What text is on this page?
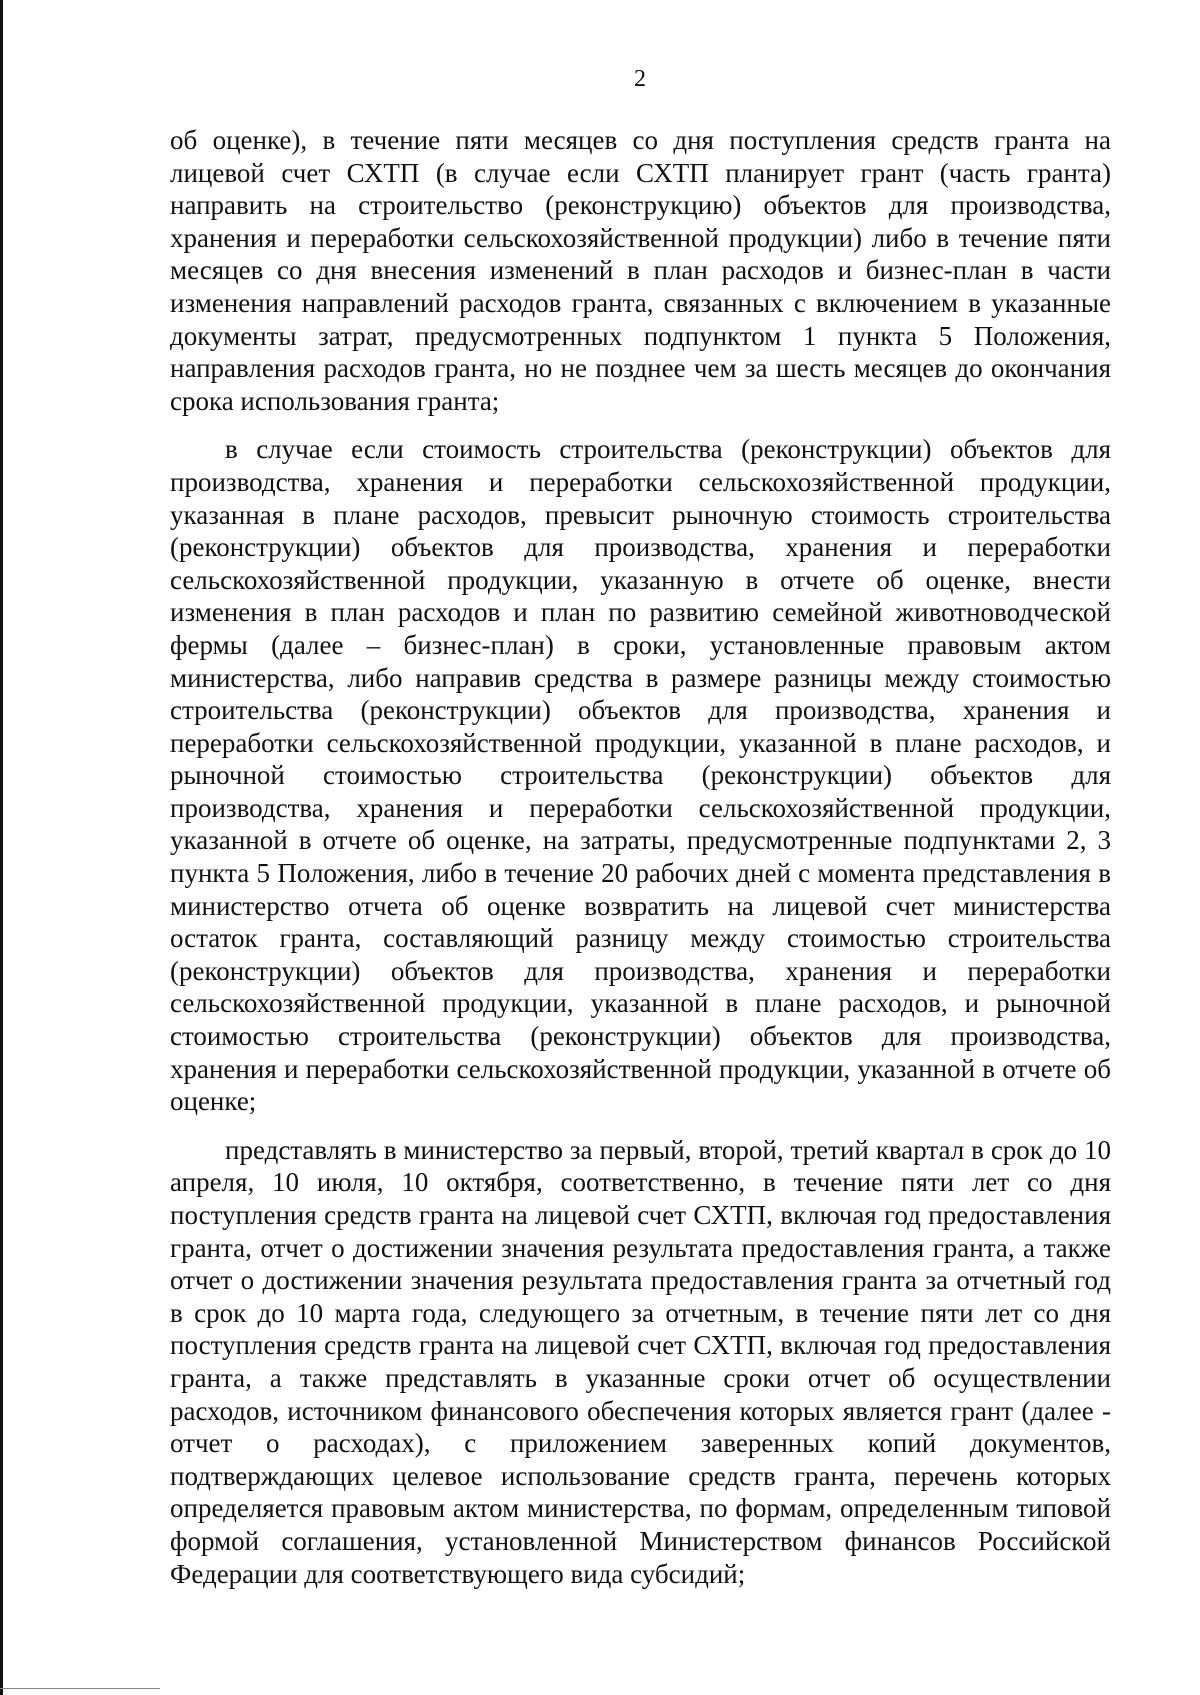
2

об оценке), в течение пяти месяцев со дня поступления средств гранта на лицевой счет СХТП (в случае если СХТП планирует грант (часть гранта) направить на строительство (реконструкцию) объектов для производства, хранения и переработки сельскохозяйственной продукции) либо в течение пяти месяцев со дня внесения изменений в план расходов и бизнес-план в части изменения направлений расходов гранта, связанных с включением в указанные документы затрат, предусмотренных подпунктом 1 пункта 5 Положения, направления расходов гранта, но не позднее чем за шесть месяцев до окончания срока использования гранта;

в случае если стоимость строительства (реконструкции) объектов для производства, хранения и переработки сельскохозяйственной продукции, указанная в плане расходов, превысит рыночную стоимость строительства (реконструкции) объектов для производства, хранения и переработки сельскохозяйственной продукции, указанную в отчете об оценке, внести изменения в план расходов и план по развитию семейной животноводческой фермы (далее – бизнес-план) в сроки, установленные правовым актом министерства, либо направив средства в размере разницы между стоимостью строительства (реконструкции) объектов для производства, хранения и переработки сельскохозяйственной продукции, указанной в плане расходов, и рыночной стоимостью строительства (реконструкции) объектов для производства, хранения и переработки сельскохозяйственной продукции, указанной в отчете об оценке, на затраты, предусмотренные подпунктами 2, 3 пункта 5 Положения, либо в течение 20 рабочих дней с момента представления в министерство отчета об оценке возвратить на лицевой счет министерства остаток гранта, составляющий разницу между стоимостью строительства (реконструкции) объектов для производства, хранения и переработки сельскохозяйственной продукции, указанной в плане расходов, и рыночной стоимостью строительства (реконструкции) объектов для производства, хранения и переработки сельскохозяйственной продукции, указанной в отчете об оценке;

представлять в министерство за первый, второй, третий квартал в срок до 10 апреля, 10 июля, 10 октября, соответственно, в течение пяти лет со дня поступления средств гранта на лицевой счет СХТП, включая год предоставления гранта, отчет о достижении значения результата предоставления гранта, а также отчет о достижении значения результата предоставления гранта за отчетный год в срок до 10 марта года, следующего за отчетным, в течение пяти лет со дня поступления средств гранта на лицевой счет СХТП, включая год предоставления гранта, а также представлять в указанные сроки отчет об осуществлении расходов, источником финансового обеспечения которых является грант (далее - отчет о расходах), с приложением заверенных копий документов, подтверждающих целевое использование средств гранта, перечень которых определяется правовым актом министерства, по формам, определенным типовой формой соглашения, установленной Министерством финансов Российской Федерации для соответствующего вида субсидий;
